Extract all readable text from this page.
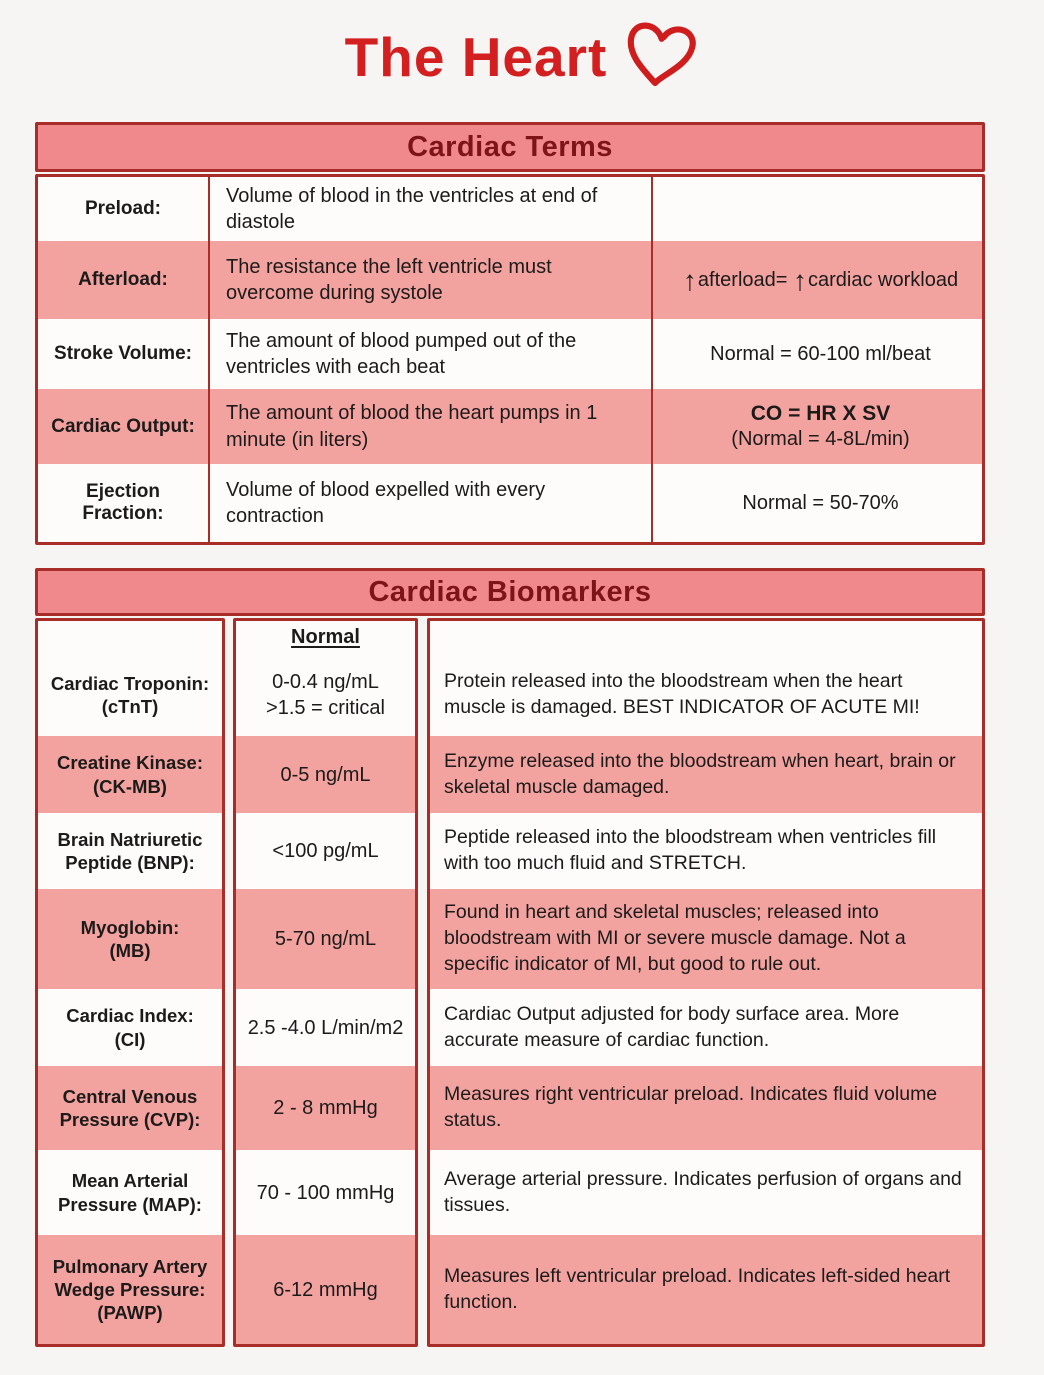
The Heart
Cardiac Terms
Preload:
Volume of blood in the ventricles at end of diastole
Afterload:
The resistance the left ventricle must overcome during systole	↑ afterload=
↑ cardiac workload
Stroke Volume:
The amount of blood pumped out of the ventricles with each beat
Normal = 60-100 ml/beat
Cardiac Output:
The amount of blood the heart pumps in 1 minute (in liters)
CO = HR X SV
(Normal = 4-8L/min)
Ejection Fraction:
Volume of blood expelled with every contraction
Normal = 50-70%
Cardiac Biomarkers
Cardiac Troponin:
(cTnT)
Creatine Kinase:
(CK-MB)
Brain Natriuretic
Peptide (BNP):
Myoglobin:
(MB)
Cardiac Index:
(CI)
Central Venous
Pressure (CVP):
Mean Arterial
Pressure (MAP):
Pulmonary Artery
Wedge Pressure:
(PAWP)
Normal
0-0.4 ng/mL
>1.5 = critical
0-5 ng/mL
<100 pg/mL
5-70 ng/mL
2.5 -4.0 L/min/m2
2 - 8 mmHg
70 - 100 mmHg
6-12 mmHg
Protein released into the bloodstream when the heart muscle is damaged. BEST INDICATOR OF ACUTE MI!
Enzyme released into the bloodstream when heart, brain or skeletal muscle damaged.
Peptide released into the bloodstream when ventricles fill with too much fluid and STRETCH.
Found in heart and skeletal muscles; released into bloodstream with MI or severe muscle damage. Not a specific indicator of MI, but good to rule out.
Cardiac Output adjusted for body surface area. More accurate measure of cardiac function.
Measures right ventricular preload. Indicates fluid volume status.
Average arterial pressure. Indicates perfusion of organs and tissues.
Measures left ventricular preload. Indicates left-sided heart function.
